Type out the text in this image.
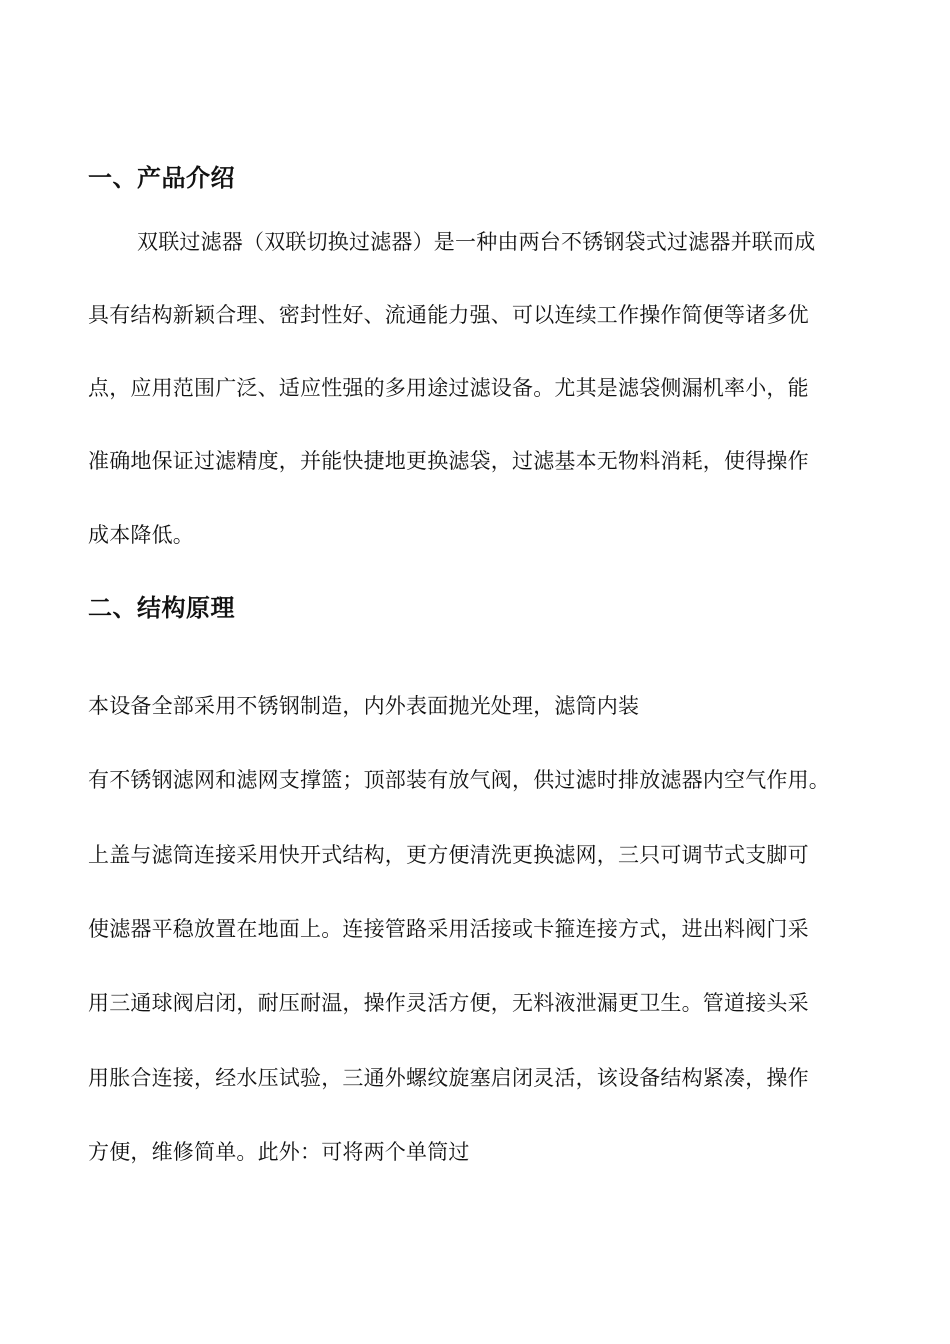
一、产品介绍
双联过滤器（双联切换过滤器）是一种由两台不锈钢袋式过滤器并联而成
具有结构新颖合理、密封性好、流通能力强、可以连续工作操作简便等诸多优
点，应用范围广泛、适应性强的多用途过滤设备。尤其是滤袋侧漏机率小，能
准确地保证过滤精度，并能快捷地更换滤袋，过滤基本无物料消耗，使得操作
成本降低。
二、结构原理
本设备全部采用不锈钢制造，内外表面抛光处理，滤筒内装
有不锈钢滤网和滤网支撑篮；顶部装有放气阀，供过滤时排放滤器内空气作用。
上盖与滤筒连接采用快开式结构，更方便清洗更换滤网，三只可调节式支脚可
使滤器平稳放置在地面上。连接管路采用活接或卡箍连接方式，进出料阀门采
用三通球阀启闭，耐压耐温，操作灵活方便，无料液泄漏更卫生。管道接头采
用胀合连接，经水压试验，三通外螺纹旋塞启闭灵活，该设备结构紧凑，操作
方便，维修简单。此外：可将两个单筒过
